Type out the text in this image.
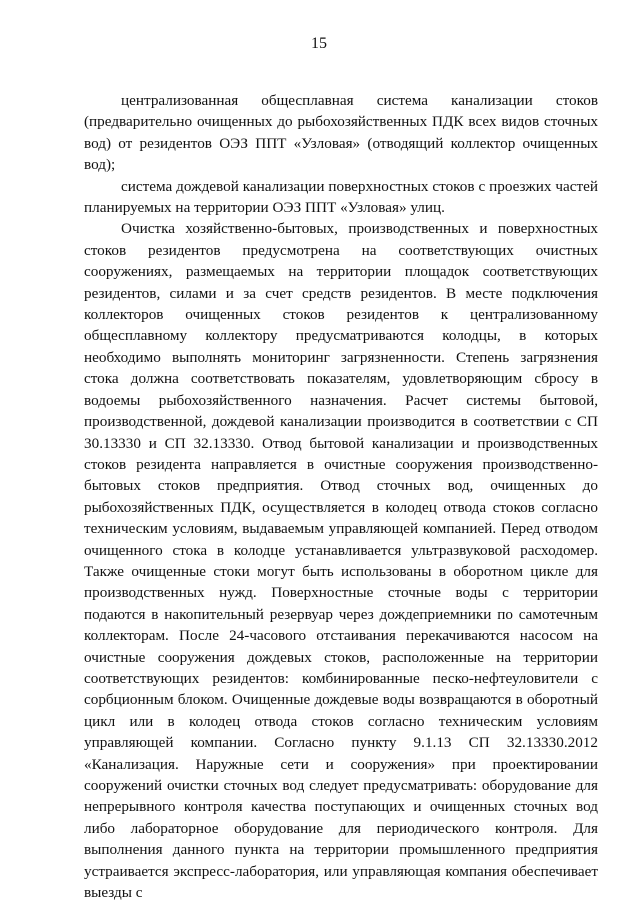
15

централизованная общесплавная система канализации стоков (предварительно очищенных до рыбохозяйственных ПДК всех видов сточных вод) от резидентов ОЭЗ ППТ «Узловая» (отводящий коллектор очищенных вод);

система дождевой канализации поверхностных стоков с проезжих частей планируемых на территории ОЭЗ ППТ «Узловая» улиц.

Очистка хозяйственно-бытовых, производственных и поверхностных стоков резидентов предусмотрена на соответствующих очистных сооружениях, размещаемых на территории площадок соответствующих резидентов, силами и за счет средств резидентов. В месте подключения коллекторов очищенных стоков резидентов к централизованному общесплавному коллектору предусматриваются колодцы, в которых необходимо выполнять мониторинг загрязненности. Степень загрязнения стока должна соответствовать показателям, удовлетворяющим сбросу в водоемы рыбохозяйственного назначения. Расчет системы бытовой, производственной, дождевой канализации производится в соответствии с СП 30.13330 и СП 32.13330. Отвод бытовой канализации и производственных стоков резидента направляется в очистные сооружения производственно-бытовых стоков предприятия. Отвод сточных вод, очищенных до рыбохозяйственных ПДК, осуществляется в колодец отвода стоков согласно техническим условиям, выдаваемым управляющей компанией. Перед отводом очищенного стока в колодце устанавливается ультразвуковой расходомер. Также очищенные стоки могут быть использованы в оборотном цикле для производственных нужд. Поверхностные сточные воды с территории подаются в накопительный резервуар через дождеприемники по самотечным коллекторам. После 24-часового отстаивания перекачиваются насосом на очистные сооружения дождевых стоков, расположенные на территории соответствующих резидентов: комбинированные песко-нефтеуловители с сорбционным блоком. Очищенные дождевые воды возвращаются в оборотный цикл или в колодец отвода стоков согласно техническим условиям управляющей компании. Согласно пункту 9.1.13 СП 32.13330.2012 «Канализация. Наружные сети и сооружения» при проектировании сооружений очистки сточных вод следует предусматривать: оборудование для непрерывного контроля качества поступающих и очищенных сточных вод либо лабораторное оборудование для периодического контроля. Для выполнения данного пункта на территории промышленного предприятия устраивается экспресс-лаборатория, или управляющая компания обеспечивает выезды с
